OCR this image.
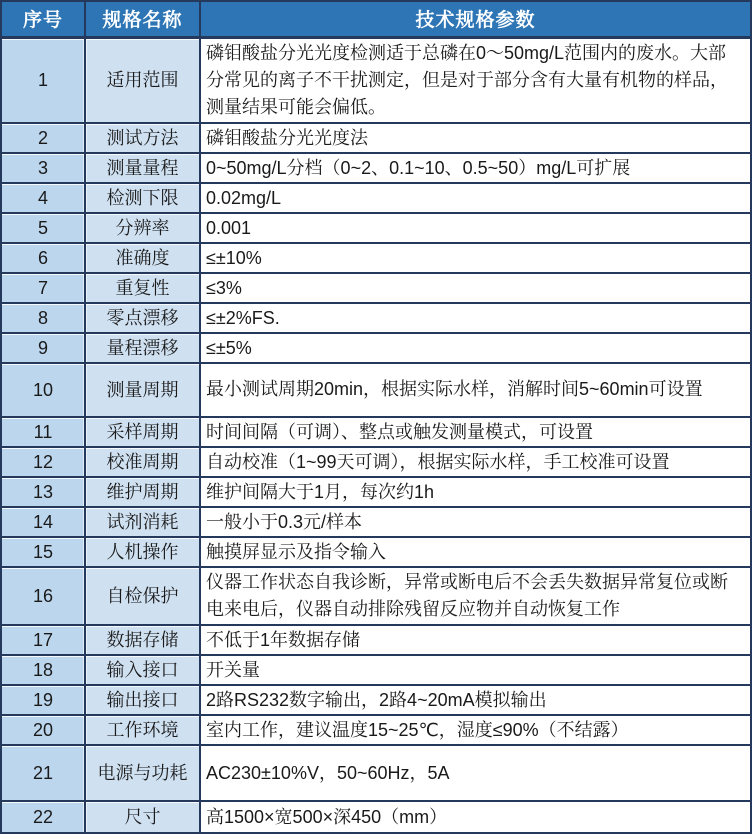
序号	规格名称	技术规格参数
1	适用范围	磷钼酸盐分光光度检测适于总磷在0～50mg/L范围内的废水。大部分常见的离子不干扰测定，但是对于部分含有大量有机物的样品，测量结果可能会偏低。
2	测试方法	磷钼酸盐分光光度法
3	测量量程	0~50mg/L分档（0~2、0.1~10、0.5~50）mg/L可扩展
4	检测下限	0.02mg/L
5	分辨率	0.001
6	准确度	≤±10%
7	重复性	≤3%
8	零点漂移	≤±2%FS.
9	量程漂移	≤±5%
10	测量周期	最小测试周期20min，根据实际水样，消解时间5~60min可设置
11	采样周期	时间间隔（可调）、整点或触发测量模式，可设置
12	校准周期	自动校准（1~99天可调），根据实际水样，手工校准可设置
13	维护周期	维护间隔大于1月，每次约1h
14	试剂消耗	一般小于0.3元/样本
15	人机操作	触摸屏显示及指令输入
16	自检保护	仪器工作状态自我诊断，异常或断电后不会丢失数据异常复位或断电来电后，仪器自动排除残留反应物并自动恢复工作
17	数据存储	不低于1年数据存储
18	输入接口	开关量
19	输出接口	2路RS232数字输出，2路4~20mA模拟输出
20	工作环境	室内工作，建议温度15~25℃，湿度≤90%（不结露）
21	电源与功耗	AC230±10%V，50~60Hz，5A
22	尺寸	高1500×宽500×深450（mm）
